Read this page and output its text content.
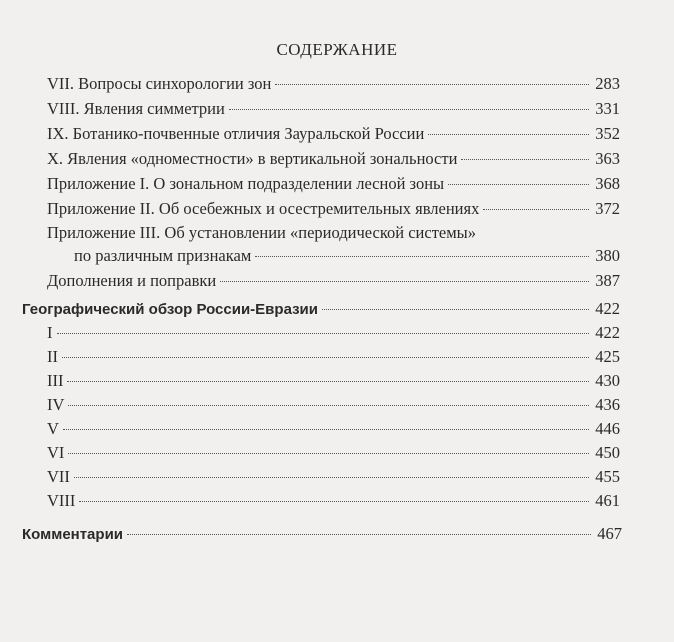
СОДЕРЖАНИЕ
VII. Вопросы синхорологии зон	283
VIII. Явления симметрии	331
IX. Ботанико-почвенные отличия Зауральской России	352
X. Явления «одноместности» в вертикальной зональности	363
Приложение I. О зональном подразделении лесной зоны	368
Приложение II. Об осебежных и осестремительных явлениях	372
Приложение III. Об установлении «периодической системы»
по различным признакам	380
Дополнения и поправки	387
Географический обзор России-Евразии	422
I	422
II	425
III	430
IV	436
V	446
VI	450
VII	455
VIII	461
Комментарии	467
